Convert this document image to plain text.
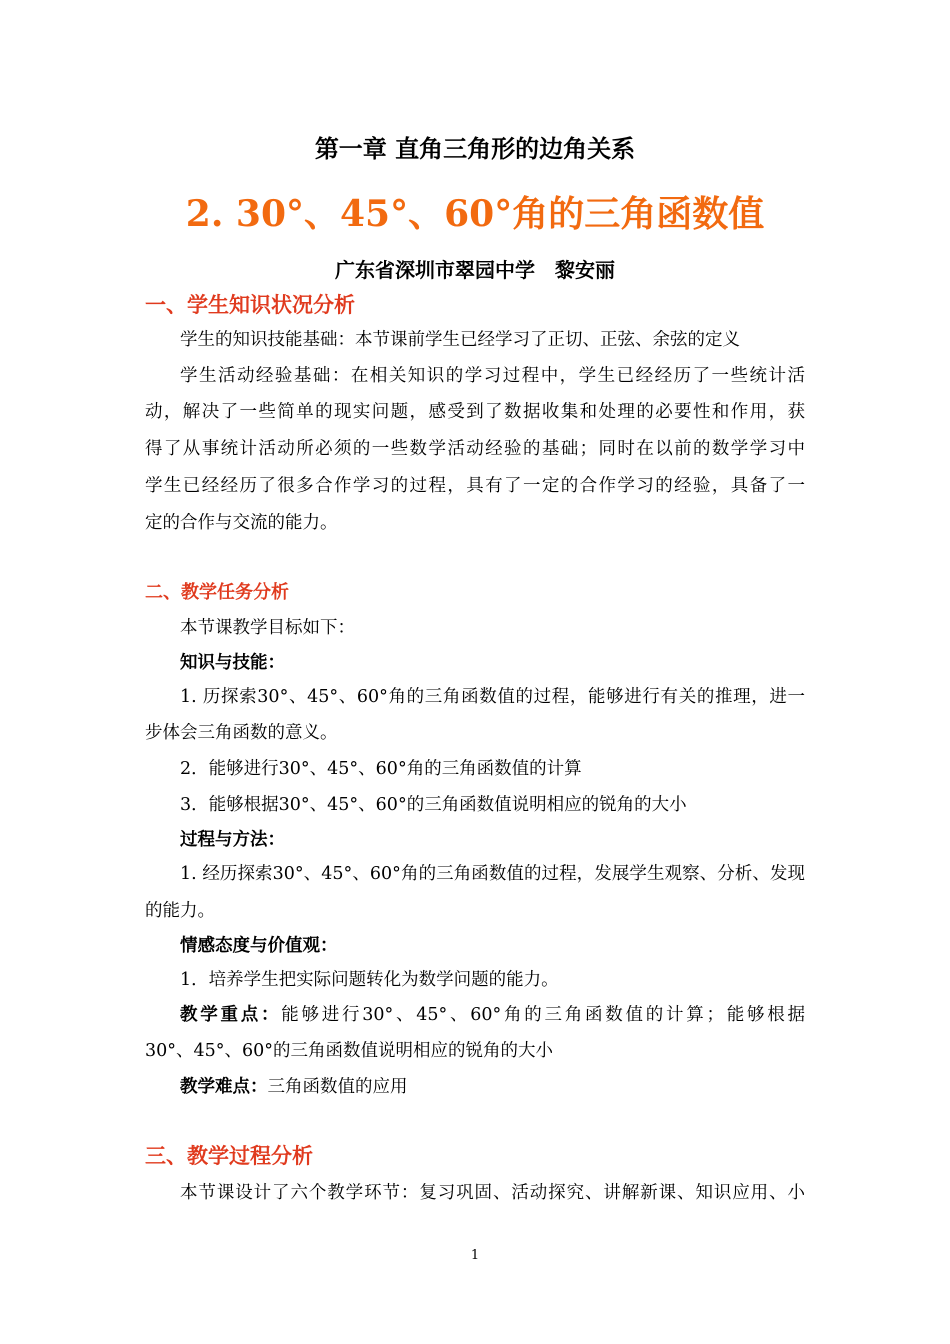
第一章 直角三角形的边角关系
2. 30°、45°、60°角的三角函数值
广东省深圳市翠园中学　黎安丽
一、学生知识状况分析
学生的知识技能基础：本节课前学生已经学习了正切、正弦、余弦的定义
学生活动经验基础：在相关知识的学习过程中，学生已经经历了一些统计活
动，解决了一些简单的现实问题，感受到了数据收集和处理的必要性和作用，获
得了从事统计活动所必须的一些数学活动经验的基础；同时在以前的数学学习中
学生已经经历了很多合作学习的过程，具有了一定的合作学习的经验，具备了一
定的合作与交流的能力。
二、教学任务分析
本节课教学目标如下：
知识与技能：
1. 历探索30°、45°、60°角的三角函数值的过程，能够进行有关的推理，进一
步体会三角函数的意义。
2．能够进行30°、45°、60°角的三角函数值的计算
3．能够根据30°、45°、60°的三角函数值说明相应的锐角的大小
过程与方法：
1. 经历探索30°、45°、60°角的三角函数值的过程，发展学生观察、分析、发现
的能力。
情感态度与价值观：
1．培养学生把实际问题转化为数学问题的能力。
教学重点：能够进行30°、45°、60°角的三角函数值的计算；能够根据
30°、45°、60°的三角函数值说明相应的锐角的大小
教学难点：三角函数值的应用
三、教学过程分析
本节课设计了六个教学环节：复习巩固、活动探究、讲解新课、知识应用、小
1
